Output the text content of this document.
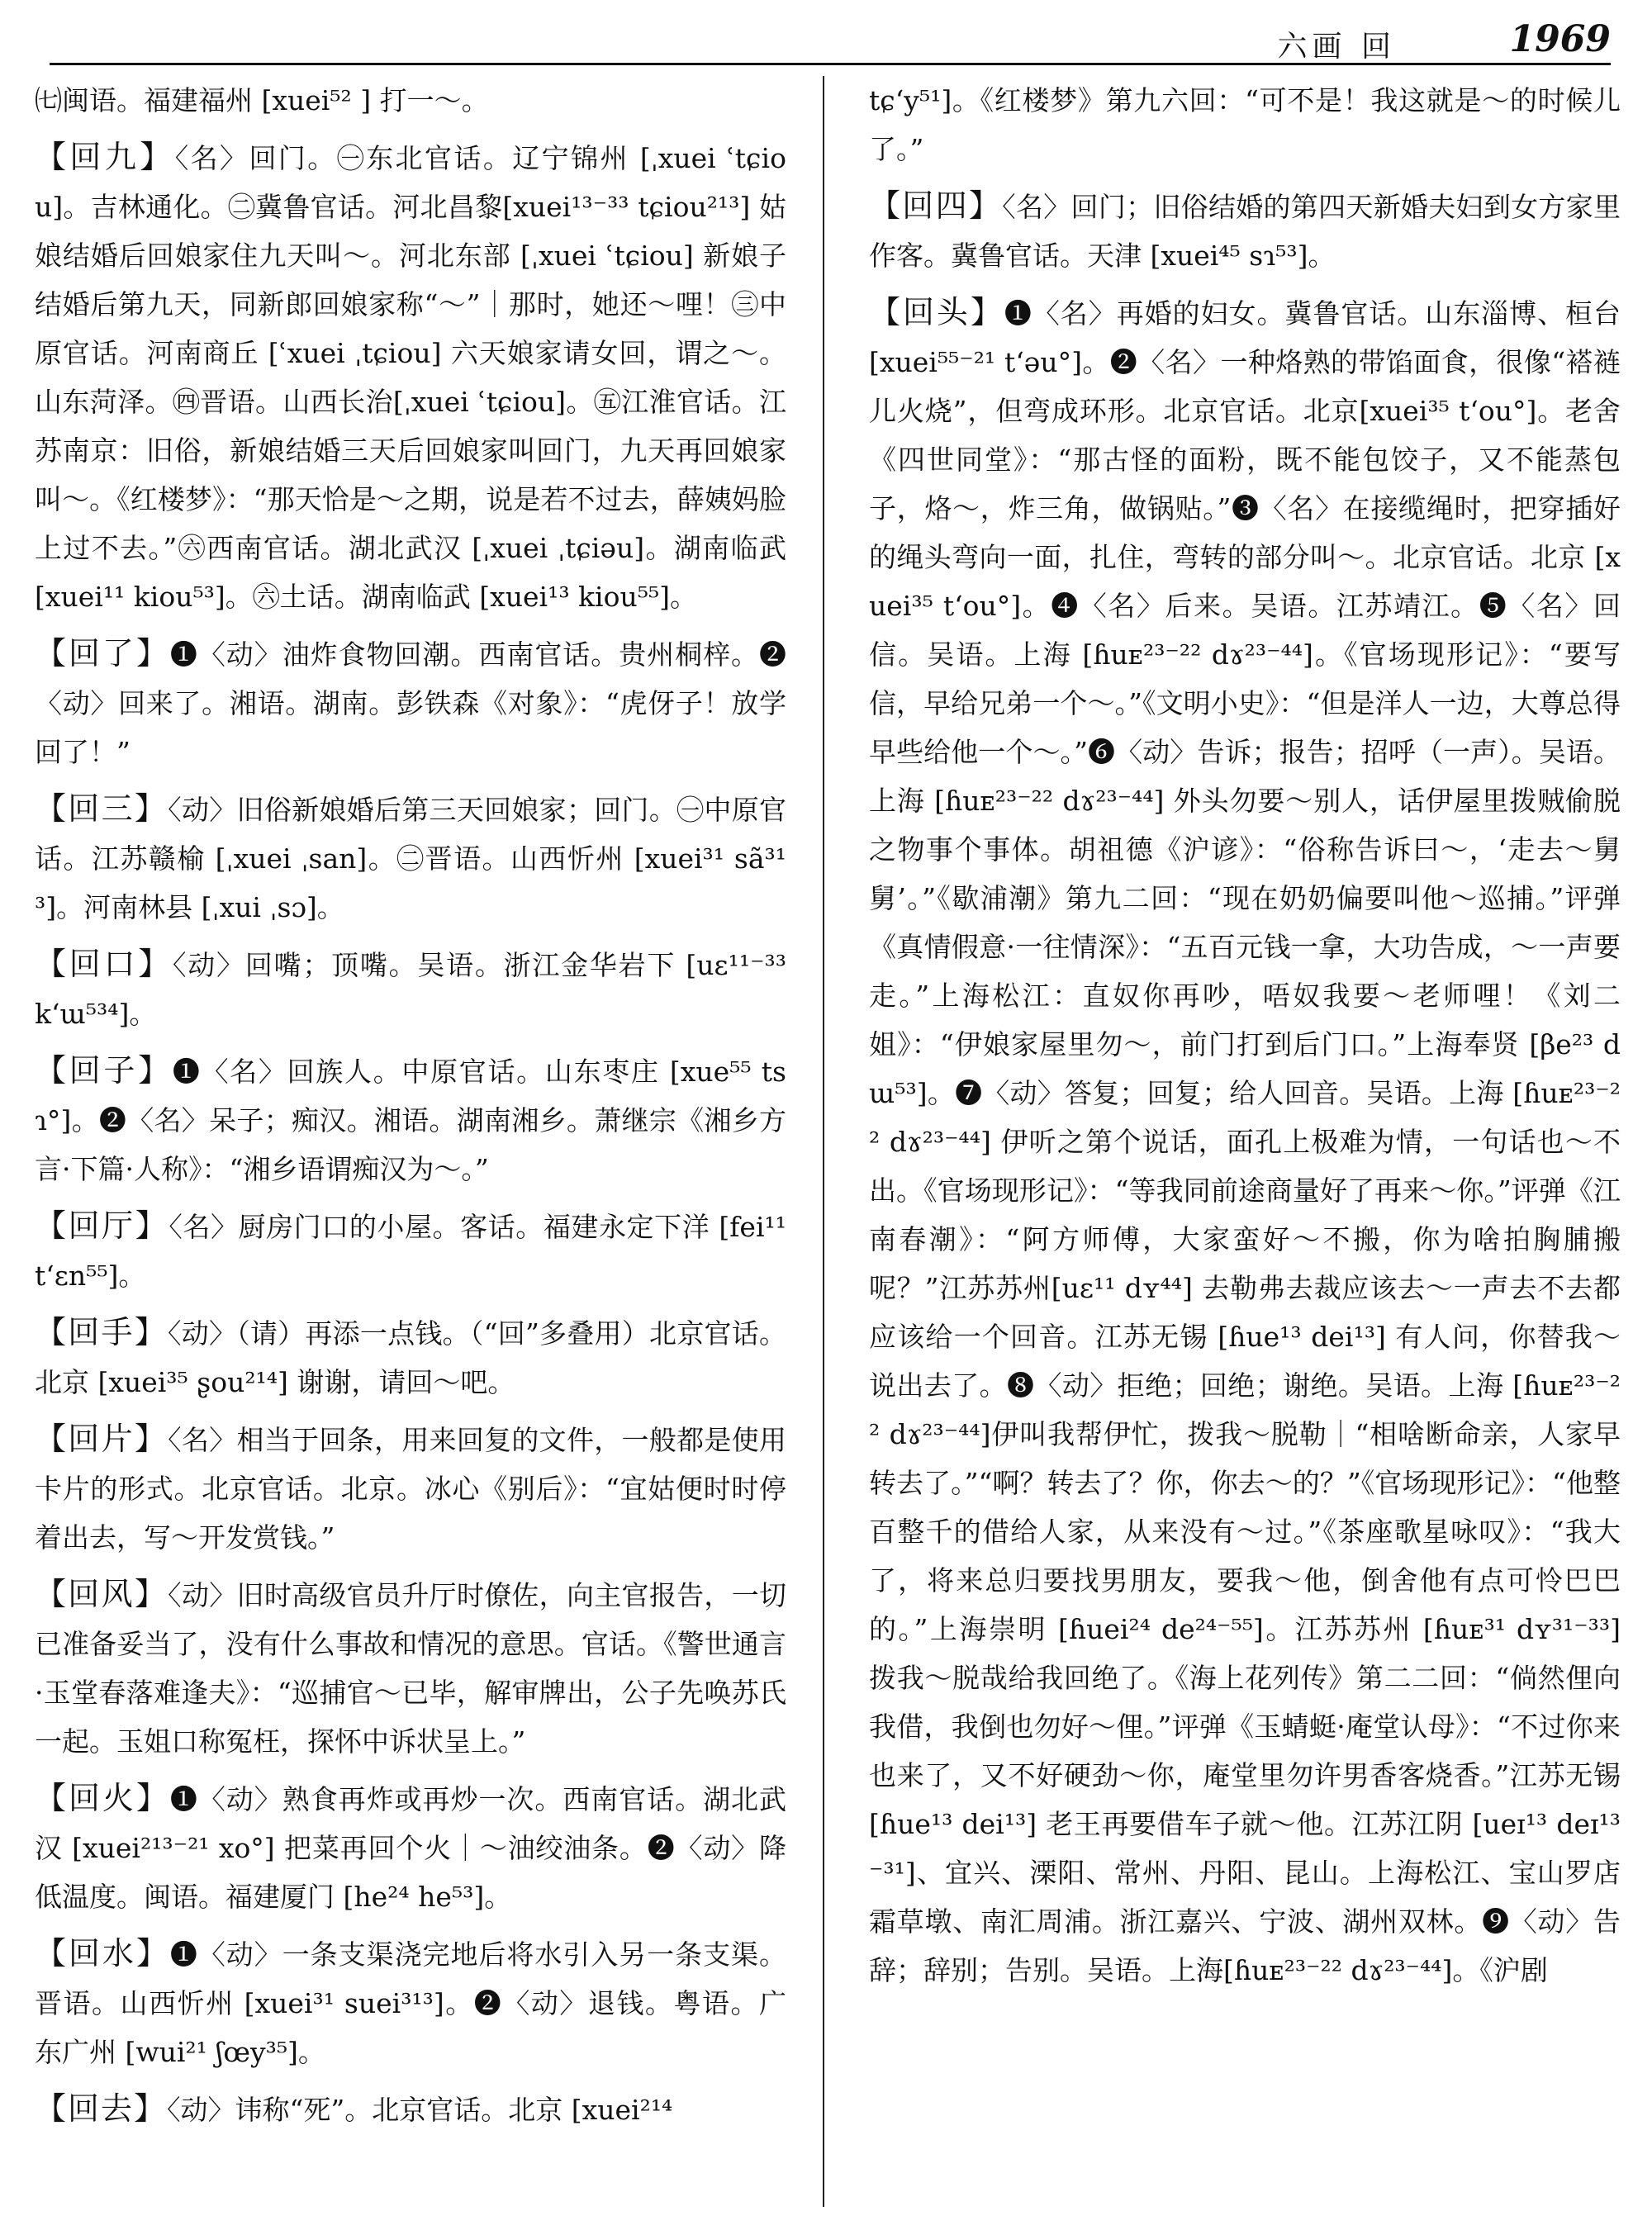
六画 回	1969

㈦闽语。福建福州 [xuei⁵² ] 打一～。

【回九】〈名〉回门。㊀东北官话。辽宁锦州 [ˌxuei ʿtɕiou]。吉林通化。㊁冀鲁官话。河北昌黎[xuei¹³⁻³³ tɕiou²¹³] 姑娘结婚后回娘家住九天叫～。河北东部 [ˌxuei ʿtɕiou] 新娘子结婚后第九天，同新郎回娘家称“～”｜那时，她还～哩！㊂中原官话。河南商丘 [ʿxuei ˌtɕiou] 六天娘家请女回，谓之～。山东菏泽。㊃晋语。山西长治[ˌxuei ʿtɕiou]。㊄江淮官话。江苏南京：旧俗，新娘结婚三天后回娘家叫回门，九天再回娘家叫～。《红楼梦》：“那天恰是～之期，说是若不过去，薛姨妈脸上过不去。”㊅西南官话。湖北武汉 [ˌxuei ˌtɕiəu]。湖南临武 [xuei¹¹ kiou⁵³]。㊅土话。湖南临武 [xuei¹³ kiou⁵⁵]。

【回了】❶〈动〉油炸食物回潮。西南官话。贵州桐梓。❷〈动〉回来了。湘语。湖南。彭铁森《对象》：“虎伢子！放学回了！”

【回三】〈动〉旧俗新娘婚后第三天回娘家；回门。㊀中原官话。江苏赣榆 [ˌxuei ˌsan]。㊁晋语。山西忻州 [xuei³¹ sã³¹³]。河南林县 [ˌxui ˌsɔ]。

【回口】〈动〉回嘴；顶嘴。吴语。浙江金华岩下 [uɛ¹¹⁻³³ k‘ɯ⁵³⁴]。

【回子】❶〈名〉回族人。中原官话。山东枣庄 [xue⁵⁵ tsɿ°]。❷〈名〉呆子；痴汉。湘语。湖南湘乡。萧继宗《湘乡方言·下篇·人称》：“湘乡语谓痴汉为～。”

【回厅】〈名〉厨房门口的小屋。客话。福建永定下洋 [fei¹¹ t‘ɛn⁵⁵]。

【回手】〈动〉（请）再添一点钱。（“回”多叠用）北京官话。北京 [xuei³⁵ ʂou²¹⁴] 谢谢，请回～吧。

【回片】〈名〉相当于回条，用来回复的文件，一般都是使用卡片的形式。北京官话。北京。冰心《别后》：“宜姑便时时停着出去，写～开发赏钱。”

【回风】〈动〉旧时高级官员升厅时僚佐，向主官报告，一切已准备妥当了，没有什么事故和情况的意思。官话。《警世通言·玉堂春落难逢夫》：“巡捕官～已毕，解审牌出，公子先唤苏氏一起。玉姐口称冤枉，探怀中诉状呈上。”

【回火】❶〈动〉熟食再炸或再炒一次。西南官话。湖北武汉 [xuei²¹³⁻²¹ xo°] 把菜再回个火｜～油绞油条。❷〈动〉降低温度。闽语。福建厦门 [he²⁴ he⁵³]。

【回水】❶〈动〉一条支渠浇完地后将水引入另一条支渠。晋语。山西忻州 [xuei³¹ suei³¹³]。❷〈动〉退钱。粤语。广东广州 [wui²¹ ʃœy³⁵]。

【回去】〈动〉讳称“死”。北京官话。北京 [xuei²¹⁴

tɕ‘y⁵¹]。《红楼梦》第九六回：“可不是！我这就是～的时候儿了。”

【回四】〈名〉回门；旧俗结婚的第四天新婚夫妇到女方家里作客。冀鲁官话。天津 [xuei⁴⁵ sɿ⁵³]。

【回头】❶〈名〉再婚的妇女。冀鲁官话。山东淄博、桓台 [xuei⁵⁵⁻²¹ t‘əu°]。❷〈名〉一种烙熟的带馅面食，很像“褡裢儿火烧”，但弯成环形。北京官话。北京[xuei³⁵ t‘ou°]。老舍《四世同堂》：“那古怪的面粉，既不能包饺子，又不能蒸包子，烙～，炸三角，做锅贴。”❸〈名〉在接缆绳时，把穿插好的绳头弯向一面，扎住，弯转的部分叫～。北京官话。北京 [xuei³⁵ t‘ou°]。❹〈名〉后来。吴语。江苏靖江。❺〈名〉回信。吴语。上海 [ɦuᴇ²³⁻²² dɤ²³⁻⁴⁴]。《官场现形记》：“要写信，早给兄弟一个～。”《文明小史》：“但是洋人一边，大尊总得早些给他一个～。”❻〈动〉告诉；报告；招呼（一声）。吴语。上海 [ɦuᴇ²³⁻²² dɤ²³⁻⁴⁴] 外头勿要～别人，话伊屋里拨贼偷脱之物事个事体。胡祖德《沪谚》：“俗称告诉曰～，‘走去～舅舅’。”《歇浦潮》第九二回：“现在奶奶偏要叫他～巡捕。”评弹《真情假意·一往情深》：“五百元钱一拿，大功告成，～一声要走。”上海松江：直奴你再吵，唔奴我要～老师哩！《刘二姐》：“伊娘家屋里勿～，前门打到后门口。”上海奉贤 [βe²³ dɯ⁵³]。❼〈动〉答复；回复；给人回音。吴语。上海 [ɦuᴇ²³⁻²² dɤ²³⁻⁴⁴] 伊听之第个说话，面孔上极难为情，一句话也～不出。《官场现形记》：“等我同前途商量好了再来～你。”评弹《江南春潮》：“阿方师傅，大家蛮好～不搬，你为啥拍胸脯搬呢？”江苏苏州[uɛ¹¹ dʏ⁴⁴] 去勒弗去裁应该去～一声去不去都应该给一个回音。江苏无锡 [ɦue¹³ dei¹³] 有人问，你替我～说出去了。❽〈动〉拒绝；回绝；谢绝。吴语。上海 [ɦuᴇ²³⁻²² dɤ²³⁻⁴⁴]伊叫我帮伊忙，拨我～脱勒｜“相啥断命亲，人家早转去了。”“啊？转去了？你，你去～的？”《官场现形记》：“他整百整千的借给人家，从来没有～过。”《茶座歌星咏叹》：“我大了，将来总归要找男朋友，要我～他，倒舍他有点可怜巴巴的。”上海崇明 [ɦuei²⁴ de²⁴⁻⁵⁵]。江苏苏州 [ɦuᴇ³¹ dʏ³¹⁻³³] 拨我～脱哉给我回绝了。《海上花列传》第二二回：“倘然俚向我借，我倒也勿好～俚。”评弹《玉蜻蜓·庵堂认母》：“不过你来也来了，又不好硬劲～你，庵堂里勿许男香客烧香。”江苏无锡 [ɦue¹³ dei¹³] 老王再要借车子就～他。江苏江阴 [ueɪ¹³ deɪ¹³⁻³¹]、宜兴、溧阳、常州、丹阳、昆山。上海松江、宝山罗店霜草墩、南汇周浦。浙江嘉兴、宁波、湖州双林。❾〈动〉告辞；辞别；告别。吴语。上海[ɦuᴇ²³⁻²² dɤ²³⁻⁴⁴]。《沪剧
